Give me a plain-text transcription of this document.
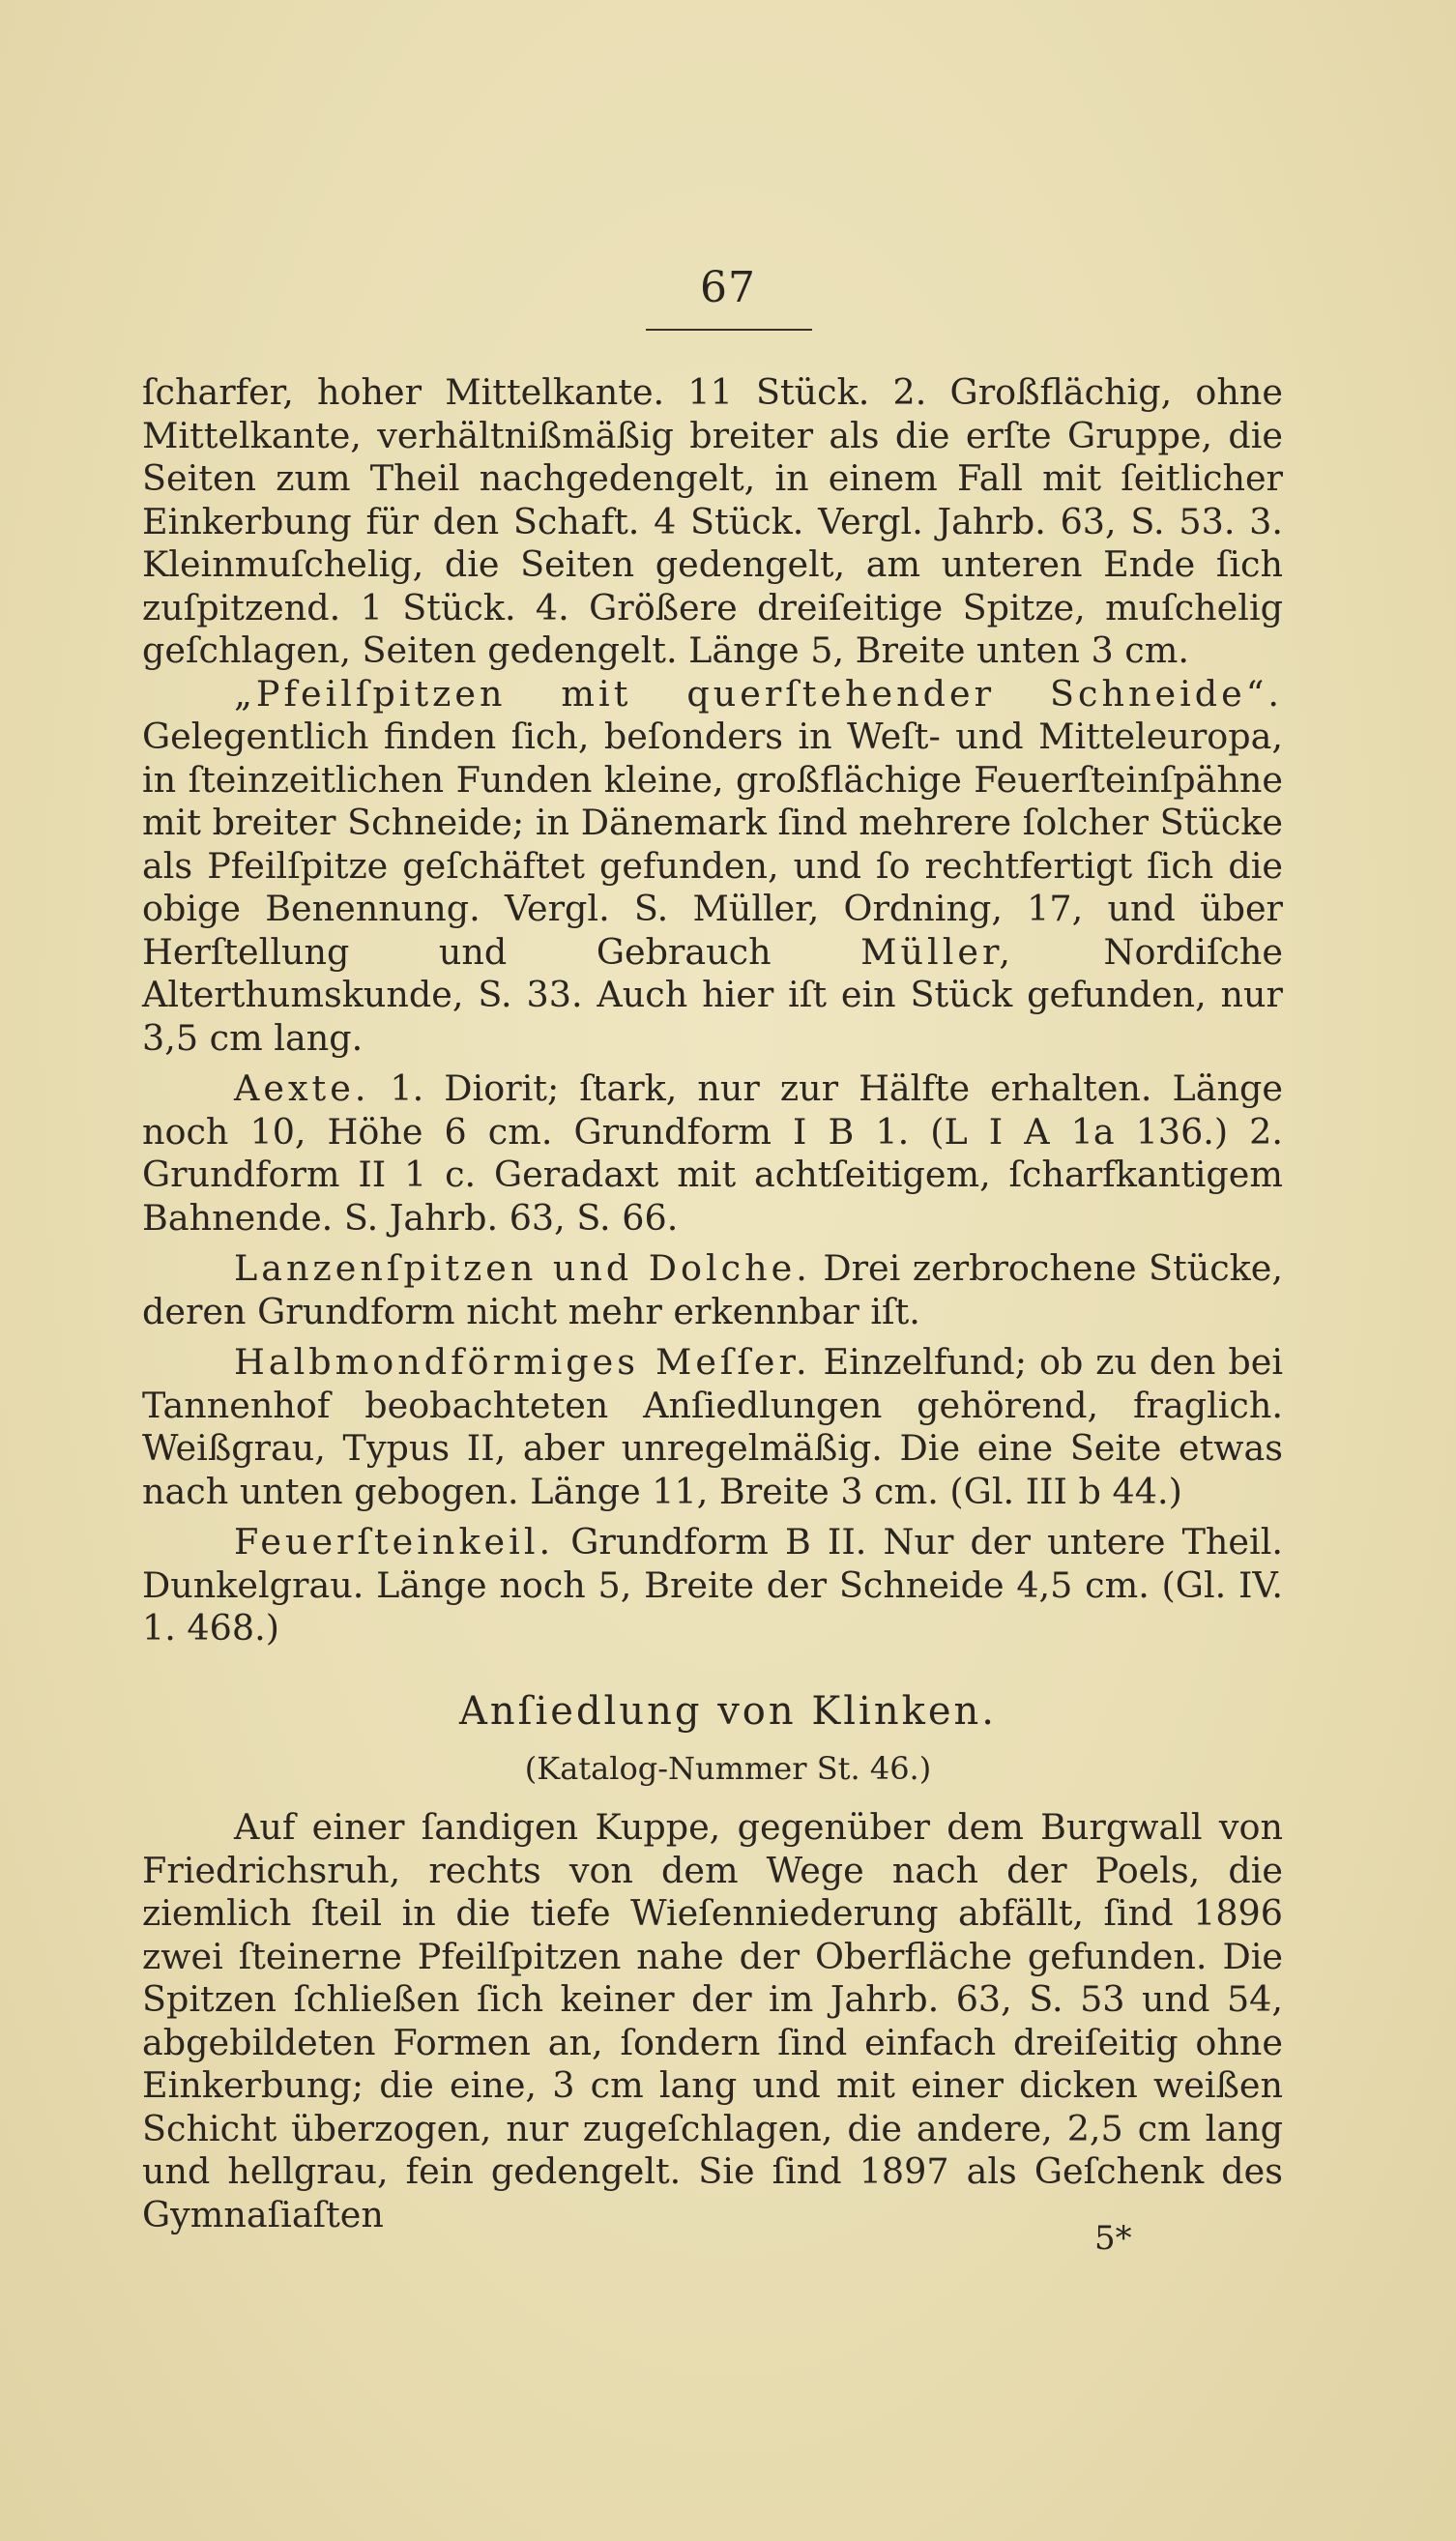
67

ſcharfer, hoher Mittelkante. 11 Stück. 2. Großflächig, ohne Mittelkante, verhältnißmäßig breiter als die erſte Gruppe, die Seiten zum Theil nachgedengelt, in einem Fall mit ſeitlicher Einkerbung für den Schaft. 4 Stück. Vergl. Jahrb. 63, S. 53. 3. Kleinmuſchelig, die Seiten gedengelt, am unteren Ende ſich zuſpitzend. 1 Stück. 4. Größere dreiſeitige Spitze, muſchelig geſchlagen, Seiten gedengelt. Länge 5, Breite unten 3 cm.

„Pfeilſpitzen mit querſtehender Schneide“. Gelegentlich finden ſich, beſonders in Weſt- und Mitteleuropa, in ſteinzeitlichen Funden kleine, großflächige Feuerſteinſpähne mit breiter Schneide; in Dänemark ſind mehrere ſolcher Stücke als Pfeilſpitze geſchäftet gefunden, und ſo rechtfertigt ſich die obige Benennung. Vergl. S. Müller, Ordning, 17, und über Herſtellung und Gebrauch Müller, Nordiſche Alterthumskunde, S. 33. Auch hier iſt ein Stück gefunden, nur 3,5 cm lang.

Aexte. 1. Diorit; ſtark, nur zur Hälfte erhalten. Länge noch 10, Höhe 6 cm. Grundform I B 1. (L I A 1a 136.) 2. Grundform II 1 c. Geradaxt mit achtſeitigem, ſcharfkantigem Bahnende. S. Jahrb. 63, S. 66.

Lanzenſpitzen und Dolche. Drei zerbrochene Stücke, deren Grundform nicht mehr erkennbar iſt.

Halbmondförmiges Meſſer. Einzelfund; ob zu den bei Tannenhof beobachteten Anſiedlungen gehörend, fraglich. Weißgrau, Typus II, aber unregelmäßig. Die eine Seite etwas nach unten gebogen. Länge 11, Breite 3 cm. (Gl. III b 44.)

Feuerſteinkeil. Grundform B II. Nur der untere Theil. Dunkelgrau. Länge noch 5, Breite der Schneide 4,5 cm. (Gl. IV. 1. 468.)

Anſiedlung von Klinken.
(Katalog-Nummer St. 46.)

Auf einer ſandigen Kuppe, gegenüber dem Burgwall von Friedrichsruh, rechts von dem Wege nach der Poels, die ziemlich ſteil in die tiefe Wieſenniederung abfällt, ſind 1896 zwei ſteinerne Pfeilſpitzen nahe der Oberfläche gefunden. Die Spitzen ſchließen ſich keiner der im Jahrb. 63, S. 53 und 54, abgebildeten Formen an, ſondern ſind einfach dreiſeitig ohne Einkerbung; die eine, 3 cm lang und mit einer dicken weißen Schicht überzogen, nur zugeſchlagen, die andere, 2,5 cm lang und hellgrau, fein gedengelt. Sie ſind 1897 als Geſchenk des Gymnaſiaſten

5*
